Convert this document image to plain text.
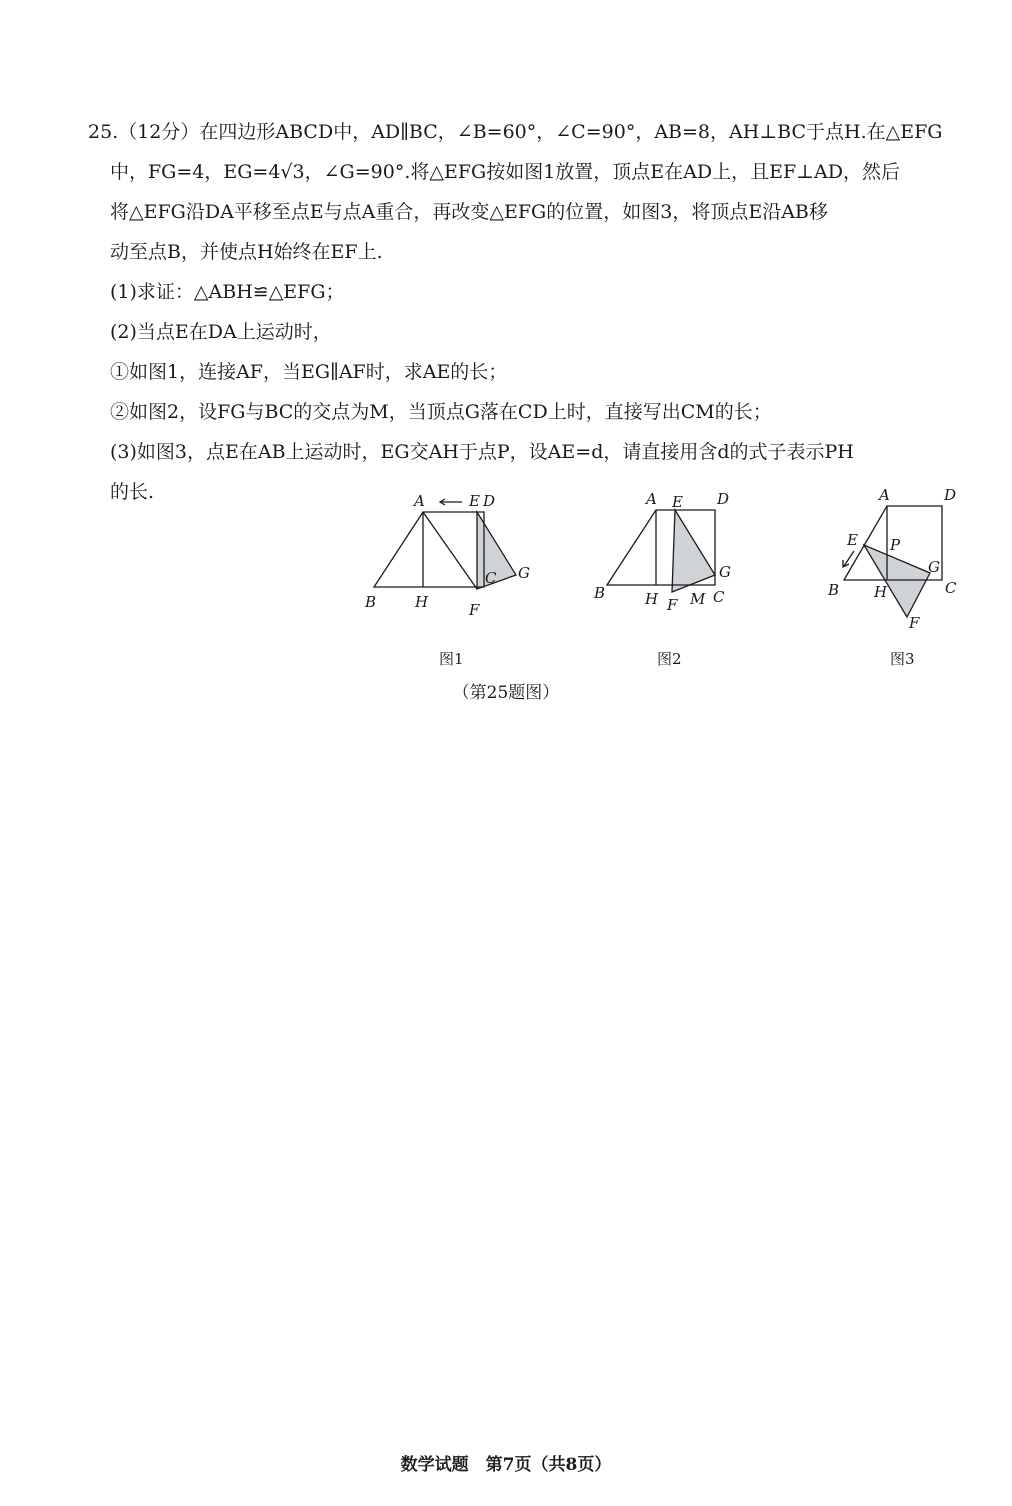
25.（12分）在四边形ABCD中，AD∥BC，∠B=60°，∠C=90°，AB=8，AH⊥BC于点H.在△EFG
中，FG=4，EG=4√3，∠G=90°.将△EFG按如图1放置，顶点E在AD上，且EF⊥AD，然后
将△EFG沿DA平移至点E与点A重合，再改变△EFG的位置，如图3，将顶点E沿AB移
动至点B，并使点H始终在EF上.
(1)求证：△ABH≌△EFG；
(2)当点E在DA上运动时，
①如图1，连接AF，当EG∥AF时，求AE的长；
②如图2，设FG与BC的交点为M，当顶点G落在CD上时，直接写出CM的长；
(3)如图3，点E在AB上运动时，EG交AH于点P，设AE=d，请直接用含d的式子表示PH
的长.	A	E D
B	H	F
G
C
A E D
B	H F M C
G
A	D
E P
G
B H	C
F
图1	图2	图3
（第25题图）
数学试题　第7页（共8页）
